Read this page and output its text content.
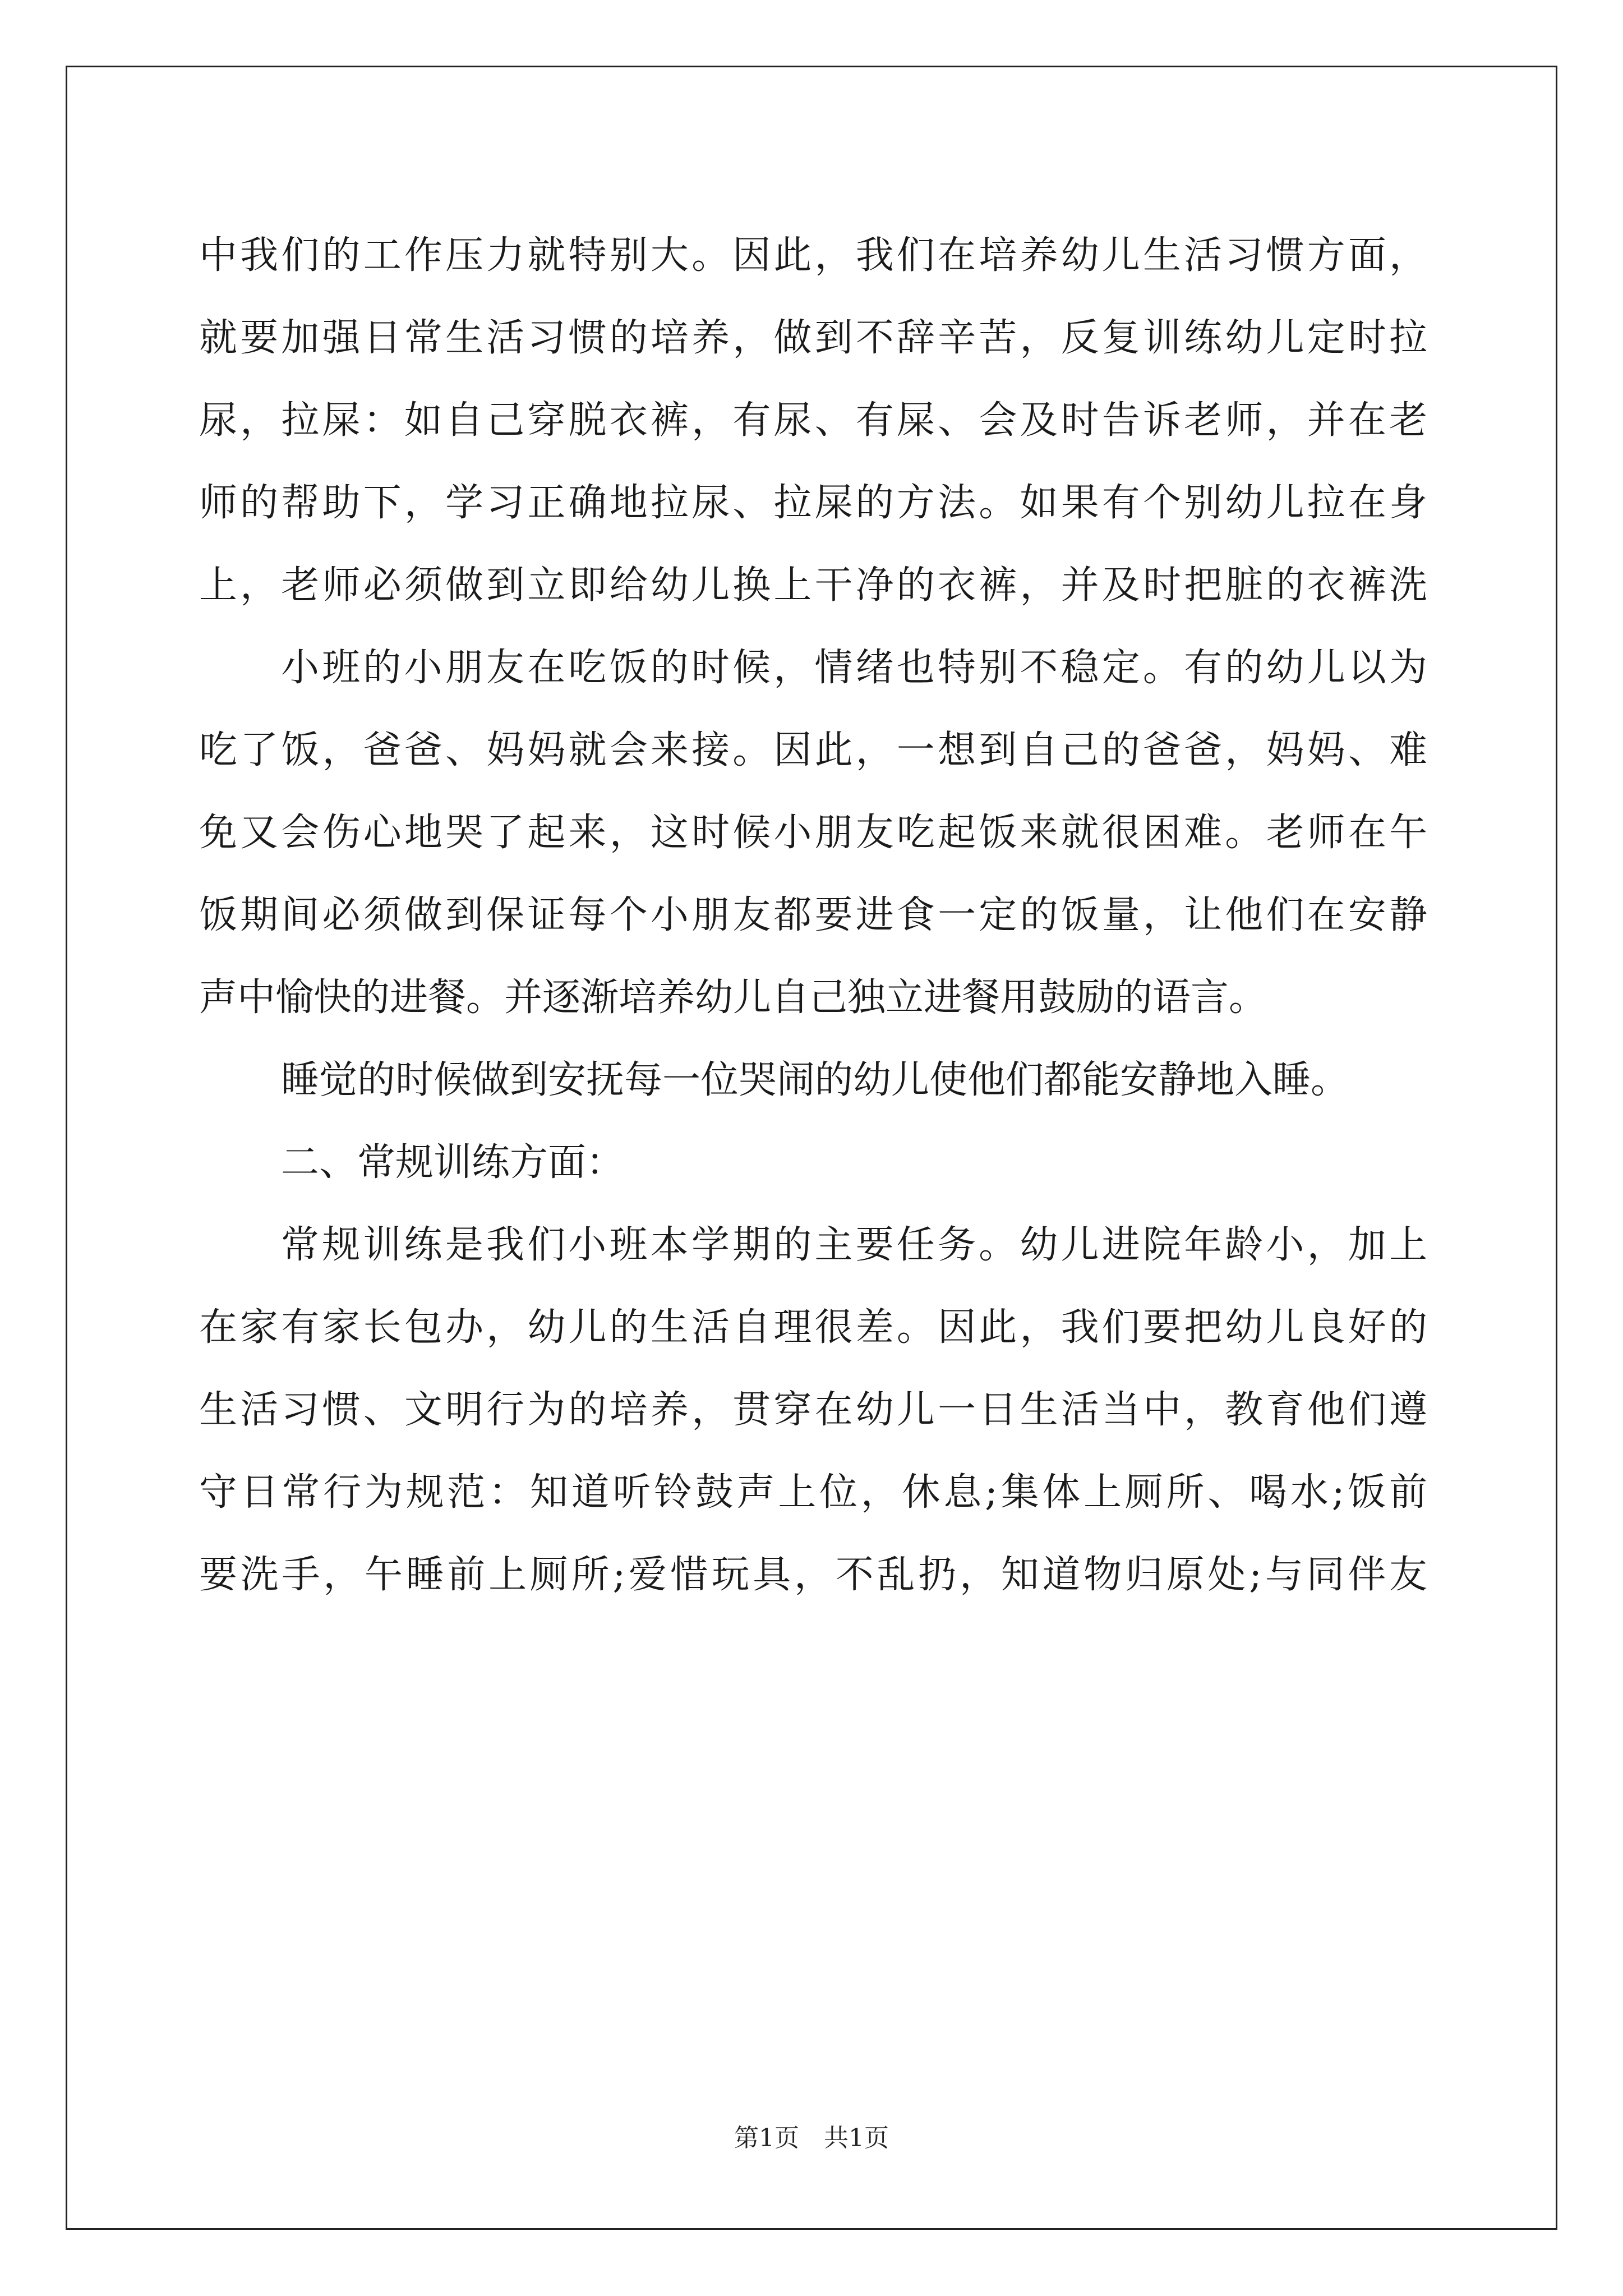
中我们的工作压力就特别大。因此，我们在培养幼儿生活习惯方面，
就要加强日常生活习惯的培养，做到不辞辛苦，反复训练幼儿定时拉
尿，拉屎：如自己穿脱衣裤，有尿、有屎、会及时告诉老师，并在老
师的帮助下，学习正确地拉尿、拉屎的方法。如果有个别幼儿拉在身
上，老师必须做到立即给幼儿换上干净的衣裤，并及时把脏的衣裤洗
小班的小朋友在吃饭的时候，情绪也特别不稳定。有的幼儿以为
吃了饭，爸爸、妈妈就会来接。因此，一想到自己的爸爸，妈妈、难
免又会伤心地哭了起来，这时候小朋友吃起饭来就很困难。老师在午
饭期间必须做到保证每个小朋友都要进食一定的饭量，让他们在安静
声中愉快的进餐。并逐渐培养幼儿自己独立进餐用鼓励的语言。
睡觉的时候做到安抚每一位哭闹的幼儿使他们都能安静地入睡。
二、常规训练方面：
常规训练是我们小班本学期的主要任务。幼儿进院年龄小，加上
在家有家长包办，幼儿的生活自理很差。因此，我们要把幼儿良好的
生活习惯、文明行为的培养，贯穿在幼儿一日生活当中，教育他们遵
守日常行为规范：知道听铃鼓声上位，休息;集体上厕所、喝水;饭前
要洗手，午睡前上厕所;爱惜玩具，不乱扔，知道物归原处;与同伴友
第1页　共1页
